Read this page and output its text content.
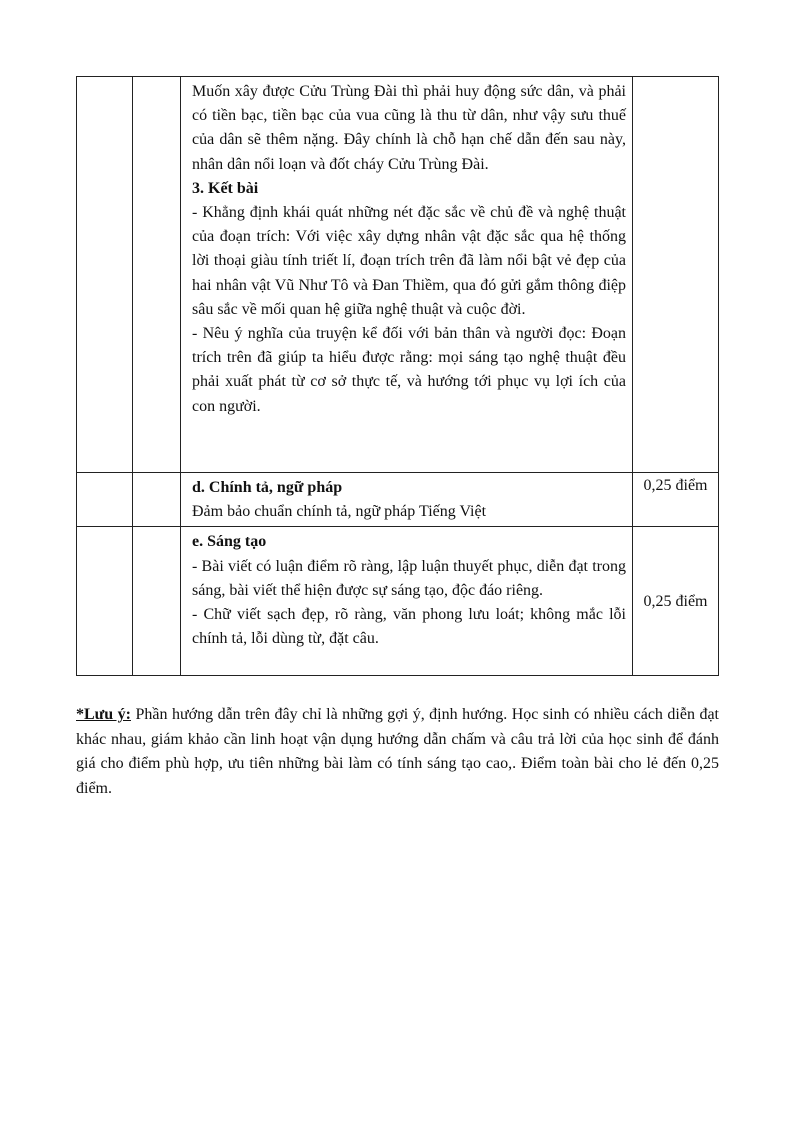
		Muốn xây được Cửu Trùng Đài thì phải huy động sức dân, và phải có tiền bạc, tiền bạc của vua cũng là thu từ dân, như vậy sưu thuế của dân sẽ thêm nặng. Đây chính là chỗ hạn chế dẫn đến sau này, nhân dân nổi loạn và đốt cháy Cửu Trùng Đài.

3. Kết bài

- Khẳng định khái quát những nét đặc sắc về chủ đề và nghệ thuật của đoạn trích: Với việc xây dựng nhân vật đặc sắc qua hệ thống lời thoại giàu tính triết lí, đoạn trích trên đã làm nổi bật vẻ đẹp của hai nhân vật Vũ Như Tô và Đan Thiềm, qua đó gửi gắm thông điệp sâu sắc về mối quan hệ giữa nghệ thuật và cuộc đời.

- Nêu ý nghĩa của truyện kể đối với bản thân và người đọc: Đoạn trích trên đã giúp ta hiểu được rằng: mọi sáng tạo nghệ thuật đều phải xuất phát từ cơ sở thực tế, và hướng tới phục vụ lợi ích của con người.	

		d. Chính tả, ngữ pháp

Đảm bảo chuẩn chính tả, ngữ pháp Tiếng Việt	0,25 điểm

		e. Sáng tạo

- Bài viết có luận điểm rõ ràng, lập luận thuyết phục, diễn đạt trong sáng, bài viết thể hiện được sự sáng tạo, độc đáo riêng.

- Chữ viết sạch đẹp, rõ ràng, văn phong lưu loát; không mắc lỗi chính tả, lỗi dùng từ, đặt câu.	0,25 điểm

*Lưu ý: Phần hướng dẫn trên đây chỉ là những gợi ý, định hướng. Học sinh có nhiều cách diễn đạt khác nhau, giám khảo cần linh hoạt vận dụng hướng dẫn chấm và câu trả lời của học sinh để đánh giá cho điểm phù hợp, ưu tiên những bài làm có tính sáng tạo cao,. Điểm toàn bài cho lẻ đến 0,25 điểm.
